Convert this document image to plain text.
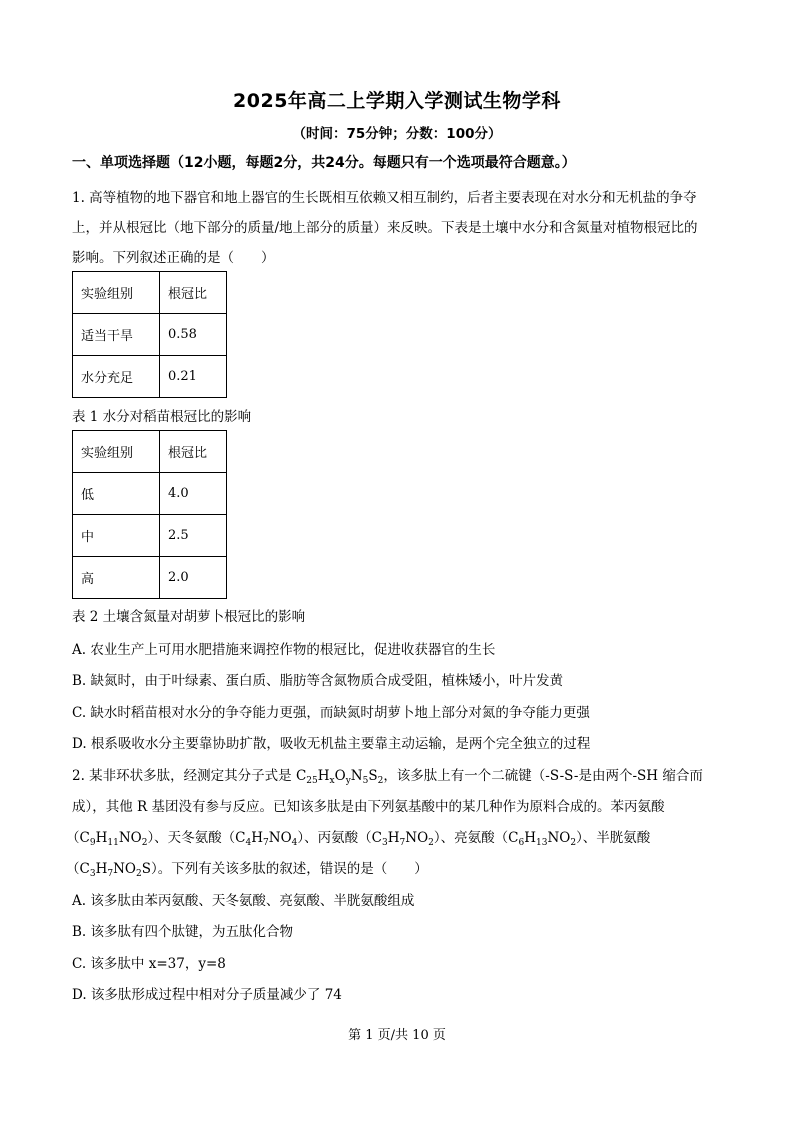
2025年高二上学期入学测试生物学科
（时间：75分钟；分数：100分）
一、单项选择题（12小题，每题2分，共24分。每题只有一个选项最符合题意。）
1. 高等植物的地下器官和地上器官的生长既相互依赖又相互制约，后者主要表现在对水分和无机盐的争夺
上，并从根冠比（地下部分的质量/地上部分的质量）来反映。下表是土壤中水分和含氮量对植物根冠比的
影响。下列叙述正确的是（　　）
实验组别	根冠比
适当干旱	0.58
水分充足	0.21
表 1 水分对稻苗根冠比的影响
实验组别	根冠比
低	4.0
中	2.5
高	2.0
表 2 土壤含氮量对胡萝卜根冠比的影响
A. 农业生产上可用水肥措施来调控作物的根冠比，促进收获器官的生长
B. 缺氮时，由于叶绿素、蛋白质、脂肪等含氮物质合成受阻，植株矮小，叶片发黄
C. 缺水时稻苗根对水分的争夺能力更强，而缺氮时胡萝卜地上部分对氮的争夺能力更强
D. 根系吸收水分主要靠协助扩散，吸收无机盐主要靠主动运输，是两个完全独立的过程
2. 某非环状多肽，经测定其分子式是 $C_{25}H_xO_yN_5S_2$，该多肽上有一个二硫键（-S-S-是由两个-SH 缩合而
成），其他 R 基团没有参与反应。已知该多肽是由下列氨基酸中的某几种作为原料合成的。苯丙氨酸
$(C_9H_{11}NO_2)$、天冬氨酸$(C_4H_7NO_4)$、丙氨酸$(C_3H_7NO_2)$、亮氨酸$(C_6H_{13}NO_2)$、半胱氨酸
$(C_3H_7NO_2S)$。下列有关该多肽的叙述，错误的是（　　）
A. 该多肽由苯丙氨酸、天冬氨酸、亮氨酸、半胱氨酸组成
B. 该多肽有四个肽键，为五肽化合物
C. 该多肽中 x=37，y=8
D. 该多肽形成过程中相对分子质量减少了 74
第 1 页/共 10 页
